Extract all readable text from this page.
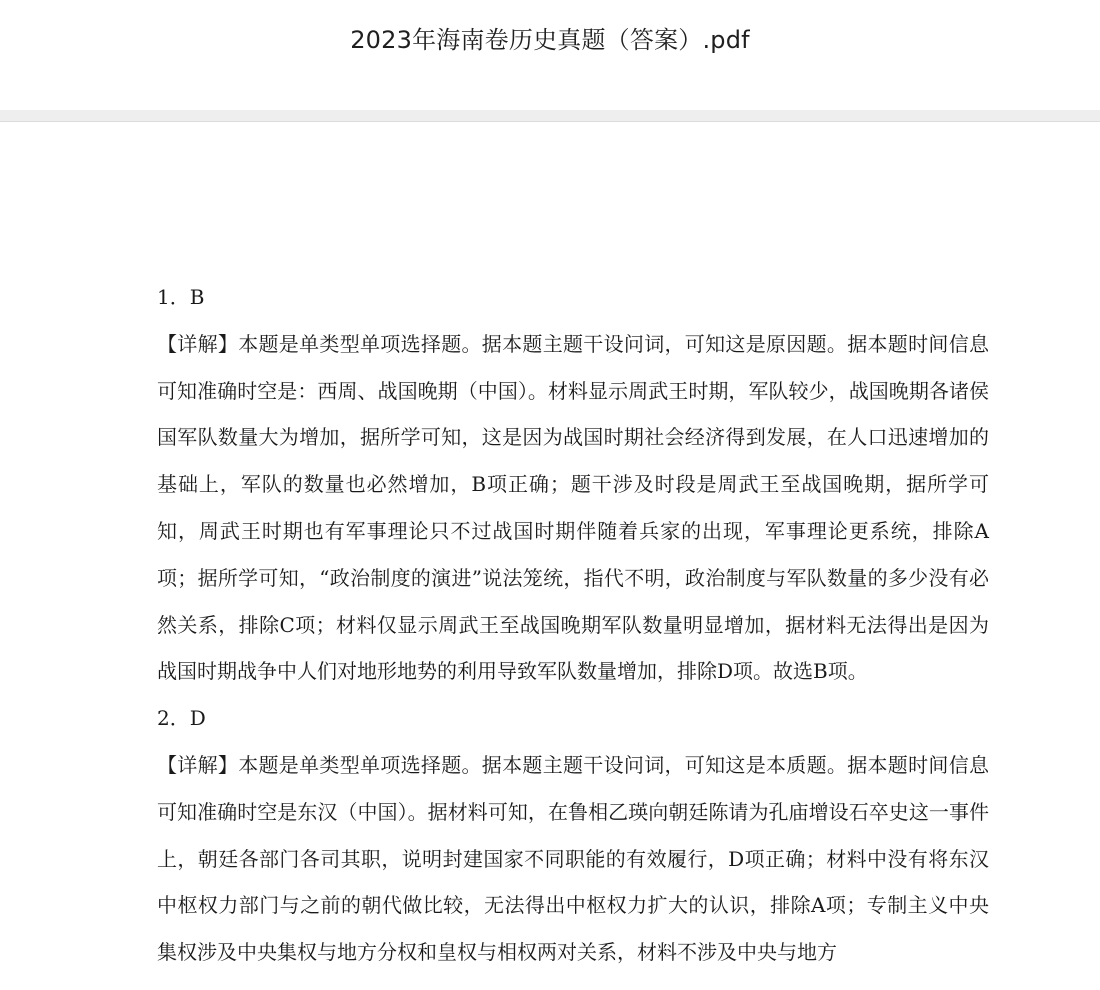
2023年海南卷历史真题（答案）.pdf
1．B
【详解】本题是单类型单项选择题。据本题主题干设问词，可知这是原因题。据本题时间信息可知准确时空是：西周、战国晚期（中国）。材料显示周武王时期，军队较少，战国晚期各诸侯国军队数量大为增加，据所学可知，这是因为战国时期社会经济得到发展，在人口迅速增加的基础上，军队的数量也必然增加，B项正确；题干涉及时段是周武王至战国晚期，据所学可知，周武王时期也有军事理论只不过战国时期伴随着兵家的出现，军事理论更系统，排除A项；据所学可知，“政治制度的演进”说法笼统，指代不明，政治制度与军队数量的多少没有必然关系，排除C项；材料仅显示周武王至战国晚期军队数量明显增加，据材料无法得出是因为战国时期战争中人们对地形地势的利用导致军队数量增加，排除D项。故选B项。
2．D
【详解】本题是单类型单项选择题。据本题主题干设问词，可知这是本质题。据本题时间信息可知准确时空是东汉（中国）。据材料可知，在鲁相乙瑛向朝廷陈请为孔庙增设石卒史这一事件上，朝廷各部门各司其职，说明封建国家不同职能的有效履行，D项正确；材料中没有将东汉中枢权力部门与之前的朝代做比较，无法得出中枢权力扩大的认识，排除A项；专制主义中央集权涉及中央集权与地方分权和皇权与相权两对关系，材料不涉及中央与地方
